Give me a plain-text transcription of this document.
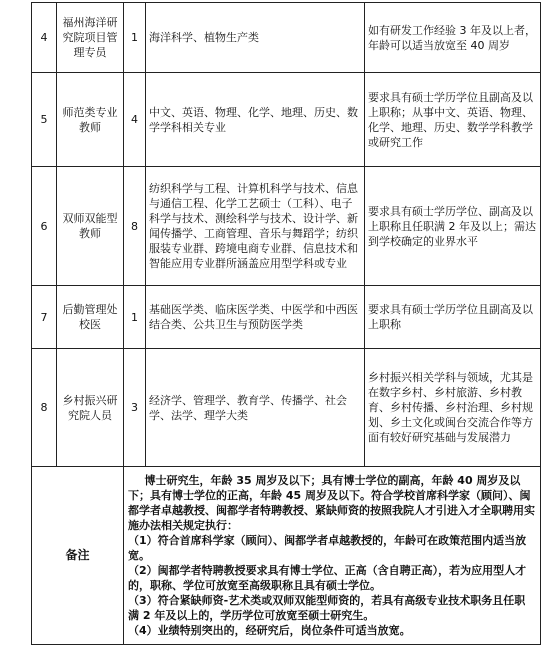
4	福州海洋研究院项目管理专员	1	海洋科学、植物生产类	如有研发工作经验 3 年及以上者，年龄可以适当放宽至 40 周岁
5	师范类专业教师	4	中文、英语、物理、化学、地理、历史、数学学科相关专业	要求具有硕士学历学位且副高及以上职称；从事中文、英语、物理、化学、地理、历史、数学学科教学或研究工作
6	双师双能型教师	8	纺织科学与工程、计算机科学与技术、信息与通信工程、化学工艺硕士（工科）、电子科学与技术、测绘科学与技术、设计学、新闻传播学、工商管理、音乐与舞蹈学；纺织服装专业群、跨境电商专业群、信息技术和智能应用专业群所涵盖应用型学科或专业	要求具有硕士学历学位、副高及以上职称且任职满 2 年及以上；需达到学校确定的业界水平
7	后勤管理处校医	1	基础医学类、临床医学类、中医学和中西医结合类、公共卫生与预防医学类	要求具有硕士学历学位且副高及以上职称
8	乡村振兴研究院人员	3	经济学、管理学、教育学、传播学、社会学、法学、理学大类	乡村振兴相关学科与领域，尤其是在数字乡村、乡村旅游、乡村教育、乡村传播、乡村治理、乡村规划、乡土文化或闽台交流合作等方面有较好研究基础与发展潜力
备注		博士研究生，年龄 35 周岁及以下；具有博士学位的副高，年龄 40 周岁及以下；具有博士学位的正高，年龄 45 周岁及以下。符合学校首席科学家（顾问）、闽都学者卓越教授、闽都学者特聘教授、紧缺师资的按照我院人才引进入才全职聘用实施办法相关规定执行：

（1）符合首席科学家（顾问）、闽都学者卓越教授的，年龄可在政策范围内适当放宽。

（2）闽都学者特聘教授要求具有博士学位、正高（含自聘正高），若为应用型人才的，职称、学位可放宽至高级职称且具有硕士学位。

（3）符合紧缺师资-艺术类或双师双能型师资的，若具有高级专业技术职务且任职满 2 年及以上的，学历学位可放宽至硕士研究生。

（4）业绩特别突出的，经研究后，岗位条件可适当放宽。		
